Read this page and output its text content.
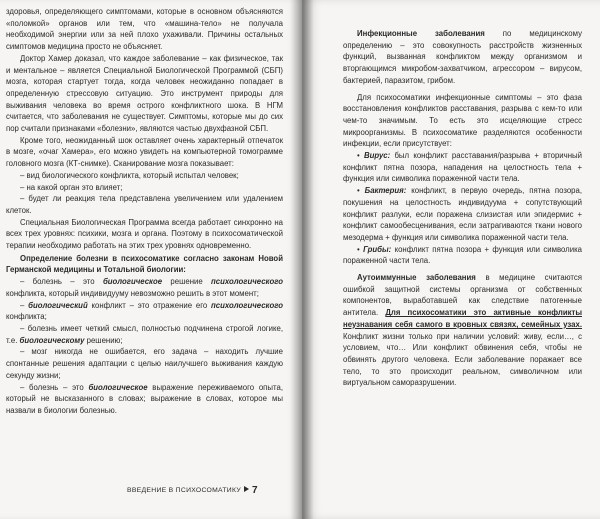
здоровья, определяющего симптомами, которые в основном объясняются «поломкой» органов или тем, что «машина-тело» не получала необходимой энергии или за ней плохо ухаживали. Причины остальных симптомов медицина просто не объясняет.

Доктор Хамер доказал, что каждое заболевание – как физическое, так и ментальное – является Специальной Биологической Программой (СБП) мозга, которая стартует тогда, когда человек неожиданно попадает в определенную стрессовую ситуацию. Это инструмент природы для выживания человека во время острого конфликтного шока. В НГМ считается, что заболевания не существует. Симптомы, которые мы до сих пор считали признаками «болезни», являются частью двухфазной СБП.

Кроме того, неожиданный шок оставляет очень характерный отпечаток в мозге, «очаг Хамера», его можно увидеть на компьютерной томограмме головного мозга (КТ-снимке). Сканирование мозга показывает:

– вид биологического конфликта, который испытал человек;

– на какой орган это влияет;

– будет ли реакция тела представлена увеличением или удалением клеток.

Специальная Биологическая Программа всегда работает синхронно на всех трех уровнях: психики, мозга и органа. Поэтому в психосоматической терапии необходимо работать на этих трех уровнях одновременно.

Определение болезни в психосоматике согласно законам Новой Германской медицины и Тотальной биологии:

– болезнь – это биологическое решение психологического конфликта, который индивидууму невозможно решить в этот момент;

– биологический конфликт – это отражение его психологического конфликта;

– болезнь имеет четкий смысл, полностью подчинена строгой логике, т.е. биологическому решению;

– мозг никогда не ошибается, его задача – находить лучшие спонтанные решения адаптации с целью наилучшего выживания каждую секунду жизни;

– болезнь – это биологическое выражение переживаемого опыта, который не высказанного в словах; выражение в словах, которое мы назвали в биологии болезнью.

ВВЕДЕНИЕ В ПСИХОСОМАТИКУ 7

Инфекционные заболевания по медицинскому определению – это совокупность расстройств жизненных функций, вызванная конфликтом между организмом и вторгающимся микробом-захватчиком, агрессором – вирусом, бактерией, паразитом, грибом.

Для психосоматики инфекционные симптомы – это фаза восстановления конфликтов расставания, разрыва с кем-то или чем-то значимым. То есть это исцеляющие стресс микроорганизмы. В психосоматике разделяются особенности инфекции, если присутствует:

• Вирус: был конфликт расставания/разрыва + вторичный конфликт пятна позора, нападения на целостность тела + функция или символика пораженной части тела.

• Бактерия: конфликт, в первую очередь, пятна позора, покушения на целостность индивидуума + сопутствующий конфликт разлуки, если поражена слизистая или эпидермис + конфликт самообесценивания, если затрагиваются ткани нового мезодерма + функция или символика пораженной части тела.

• Грибы: конфликт пятна позора + функция или символика пораженной части тела.

Аутоиммунные заболевания в медицине считаются ошибкой защитной системы организма от собственных компонентов, выработавшей как следствие патогенные антитела. Для психосоматики это активные конфликты неузнавания себя самого в кровных связях, семейных узах. Конфликт жизни только при наличии условий: живу, если…, с условием, что… Или конфликт обвинения себя, чтобы не обвинять другого человека. Если заболевание поражает все тело, то это происходит реальном, символичном или виртуальном саморазрушении.
